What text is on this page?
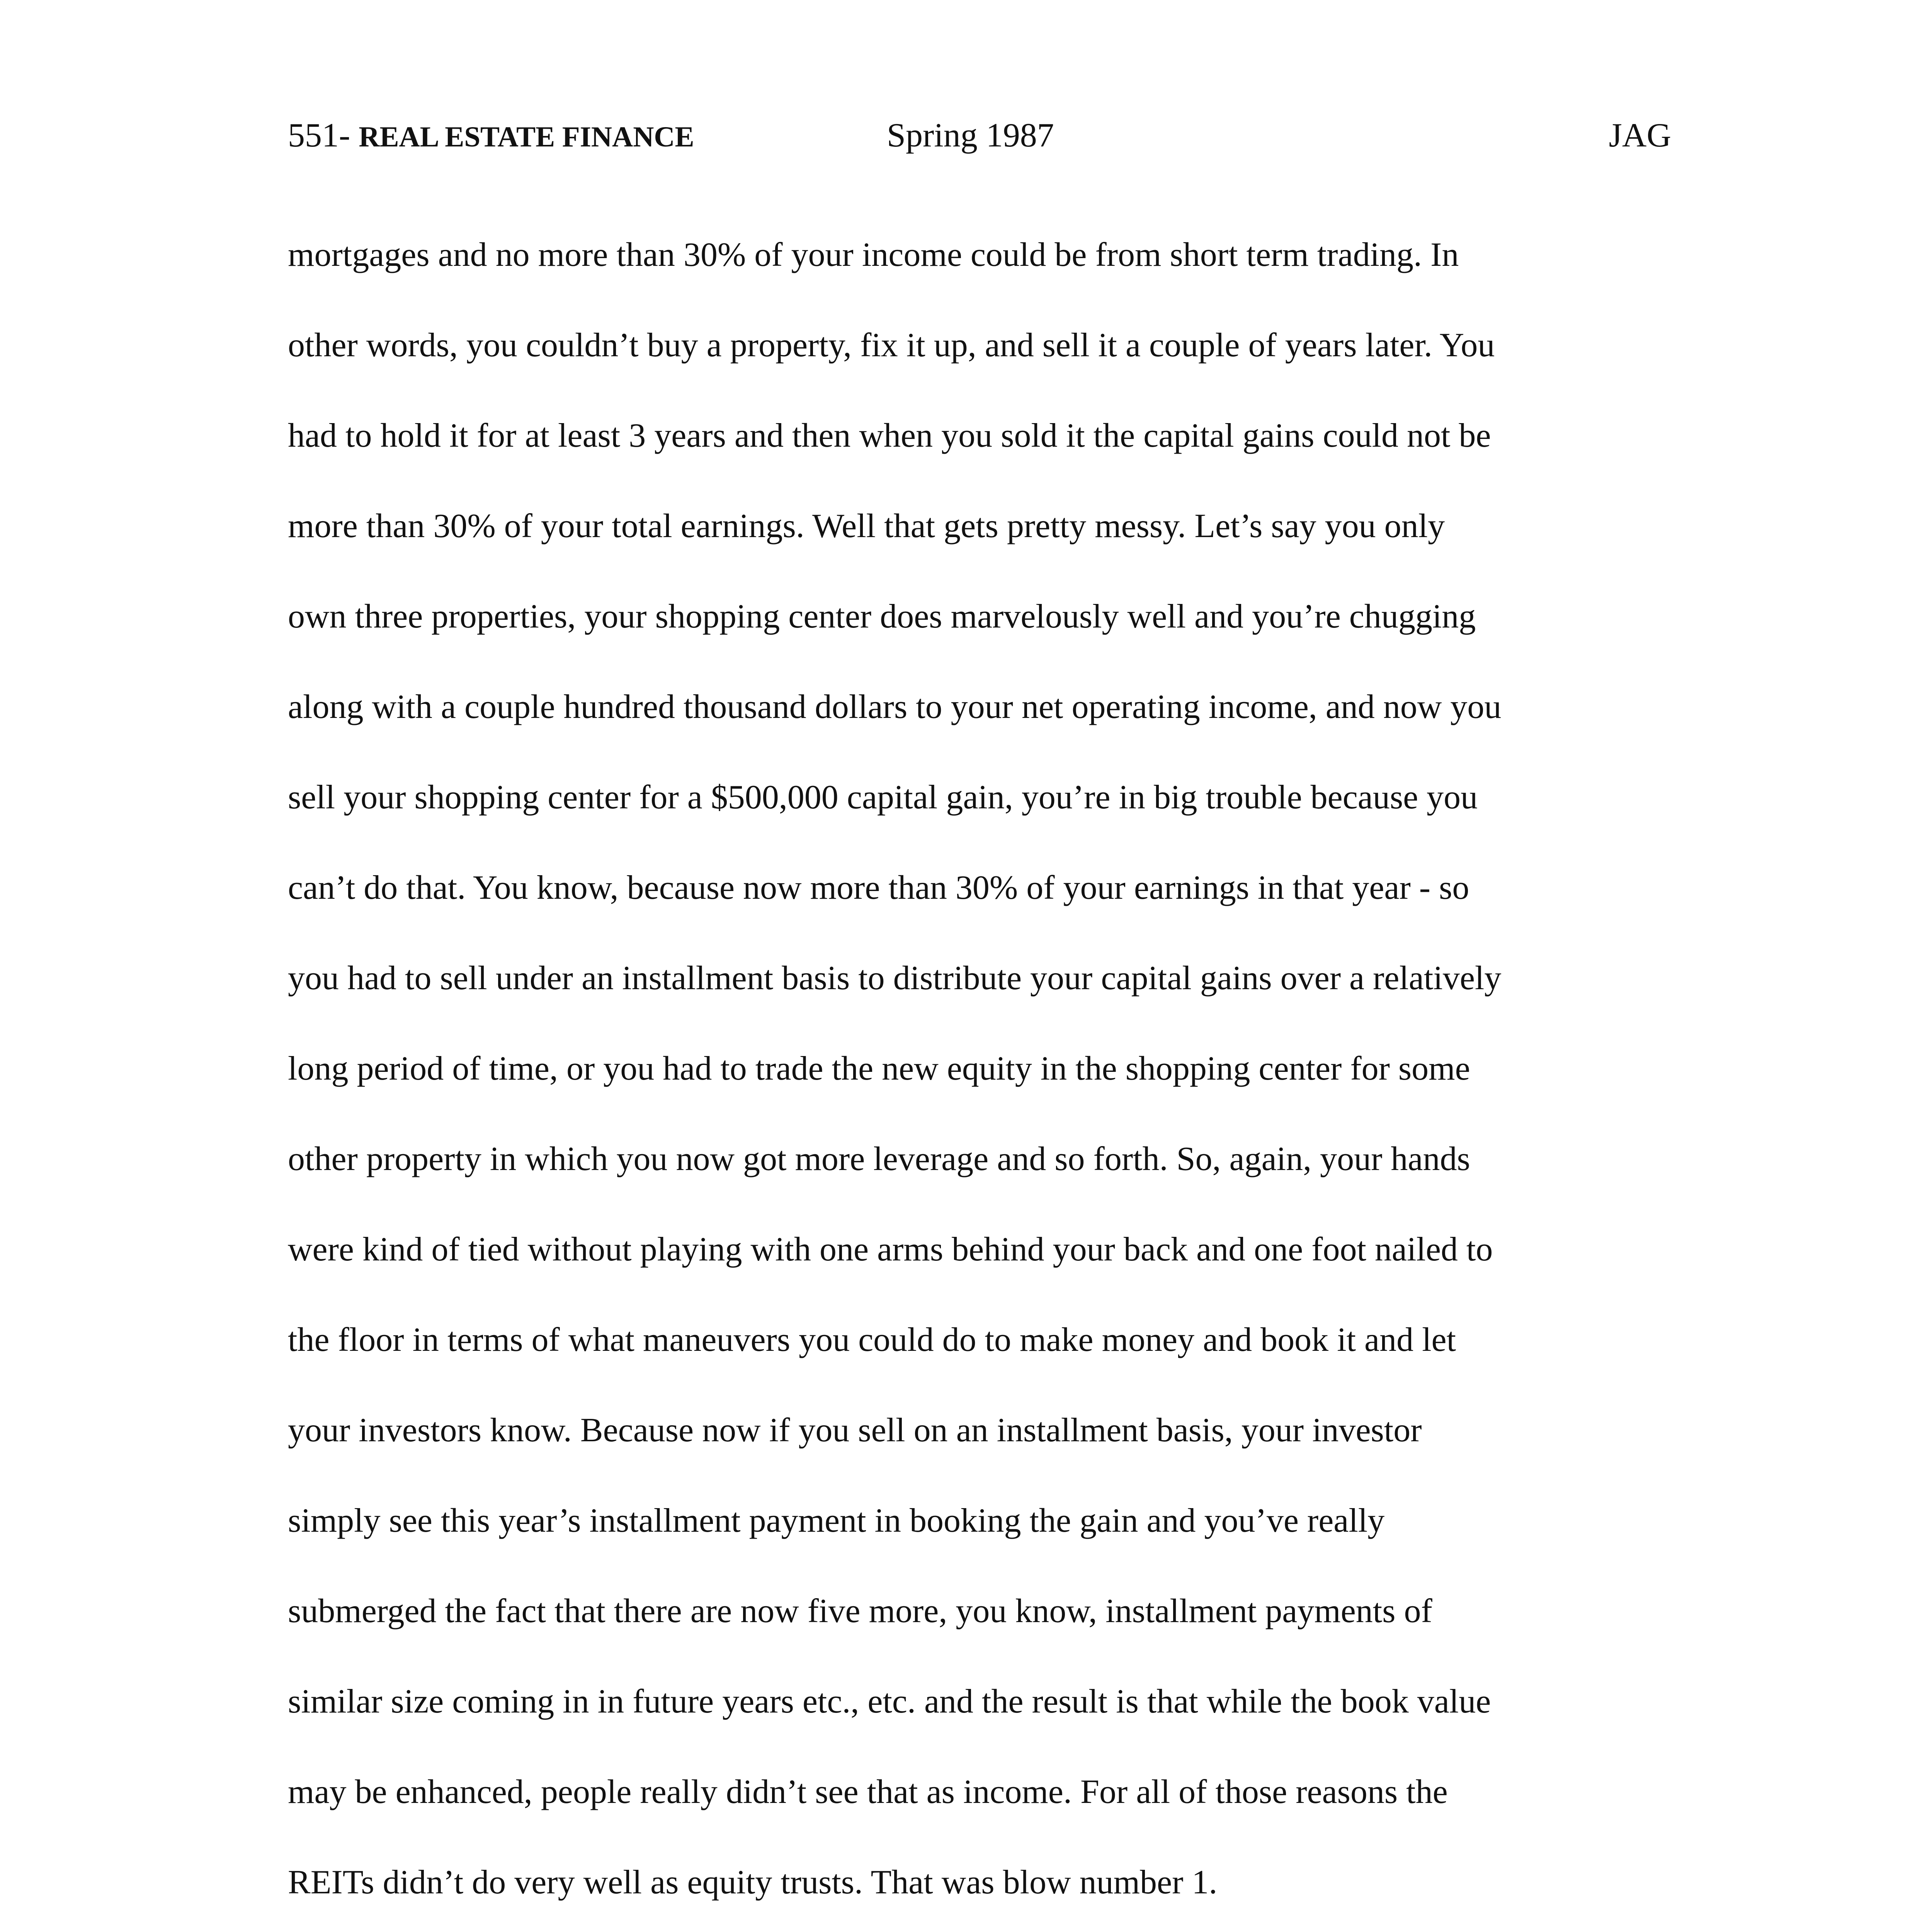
551- REAL ESTATE FINANCE	Spring 1987	JAG
mortgages and no more than 30% of your income could be from short term trading. In
other words, you couldn’t buy a property, fix it up, and sell it a couple of years later. You
had to hold it for at least 3 years and then when you sold it the capital gains could not be
more than 30% of your total earnings. Well that gets pretty messy. Let’s say you only
own three properties, your shopping center does marvelously well and you’re chugging
along with a couple hundred thousand dollars to your net operating income, and now you
sell your shopping center for a $500,000 capital gain, you’re in big trouble because you
can’t do that. You know, because now more than 30% of your earnings in that year - so
you had to sell under an installment basis to distribute your capital gains over a relatively
long period of time, or you had to trade the new equity in the shopping center for some
other property in which you now got more leverage and so forth. So, again, your hands
were kind of tied without playing with one arms behind your back and one foot nailed to
the floor in terms of what maneuvers you could do to make money and book it and let
your investors know. Because now if you sell on an installment basis, your investor
simply see this year’s installment payment in booking the gain and you’ve really
submerged the fact that there are now five more, you know, installment payments of
similar size coming in in future years etc., etc. and the result is that while the book value
may be enhanced, people really didn’t see that as income. For all of those reasons the
REITs didn’t do very well as equity trusts. That was blow number 1.
